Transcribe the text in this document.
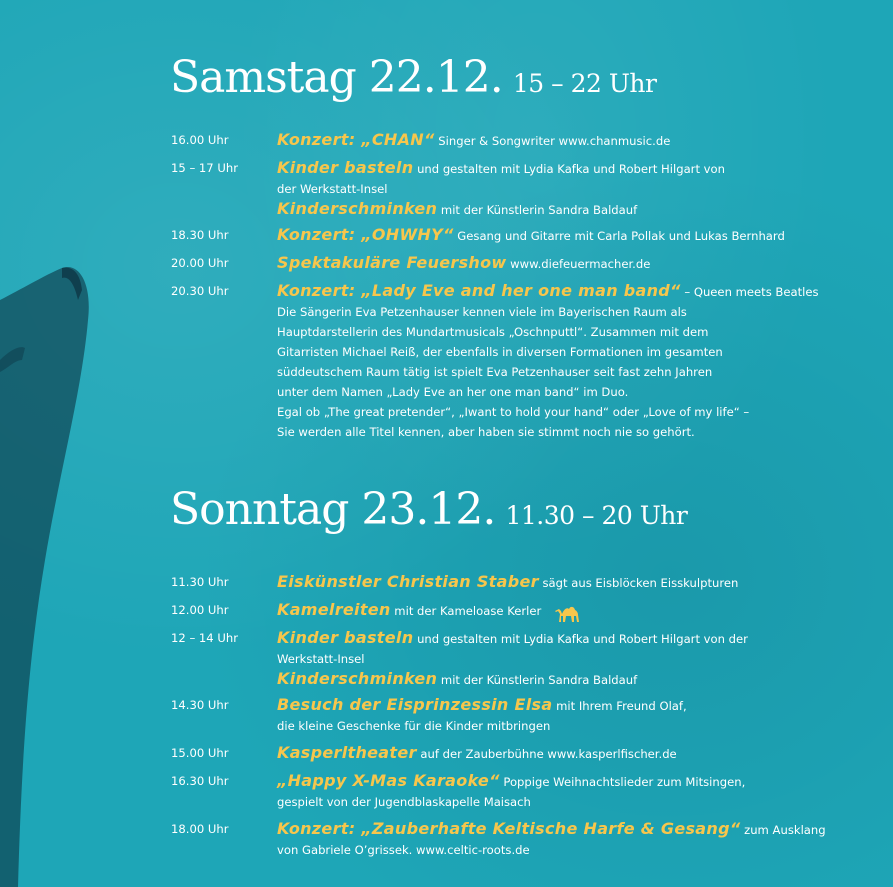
Samstag 22.12. 15 – 22 Uhr
16.00 Uhr	Konzert: „CHAN“ Singer & Songwriter www.chanmusic.de
15 – 17 Uhr	Kinder basteln und gestalten mit Lydia Kafka und Robert Hilgart von
der Werkstatt-Insel
Kinderschminken mit der Künstlerin Sandra Baldauf
18.30 Uhr	Konzert: „OHWHY“ Gesang und Gitarre mit Carla Pollak und Lukas Bernhard
20.00 Uhr	Spektakuläre Feuershow www.diefeuermacher.de
20.30 Uhr	Konzert: „Lady Eve and her one man band“ – Queen meets Beatles
Die Sängerin Eva Petzenhauser kennen viele im Bayerischen Raum als
Hauptdarstellerin des Mundartmusicals „Oschnputtl“. Zusammen mit dem
Gitarristen Michael Reiß, der ebenfalls in diversen Formationen im gesamten
süddeutschem Raum tätig ist spielt Eva Petzenhauser seit fast zehn Jahren
unter dem Namen „Lady Eve an her one man band“ im Duo.
Egal ob „The great pretender“, „Iwant to hold your hand“ oder „Love of my life“ –
Sie werden alle Titel kennen, aber haben sie stimmt noch nie so gehört.
Sonntag 23.12. 11.30 – 20 Uhr
11.30 Uhr	Eiskünstler Christian Staber sägt aus Eisblöcken Eisskulpturen
12.00 Uhr	Kamelreiten mit der Kameloase Kerler
12 – 14 Uhr	Kinder basteln und gestalten mit Lydia Kafka und Robert Hilgart von der
Werkstatt-Insel
Kinderschminken mit der Künstlerin Sandra Baldauf
14.30 Uhr	Besuch der Eisprinzessin Elsa mit Ihrem Freund Olaf,
die kleine Geschenke für die Kinder mitbringen
15.00 Uhr	Kasperltheater auf der Zauberbühne www.kasperlfischer.de
16.30 Uhr	„Happy X-Mas Karaoke“ Poppige Weihnachtslieder zum Mitsingen,
gespielt von der Jugendblaskapelle Maisach
18.00 Uhr	Konzert: „Zauberhafte Keltische Harfe & Gesang“ zum Ausklang
von Gabriele O’grissek. www.celtic-roots.de
